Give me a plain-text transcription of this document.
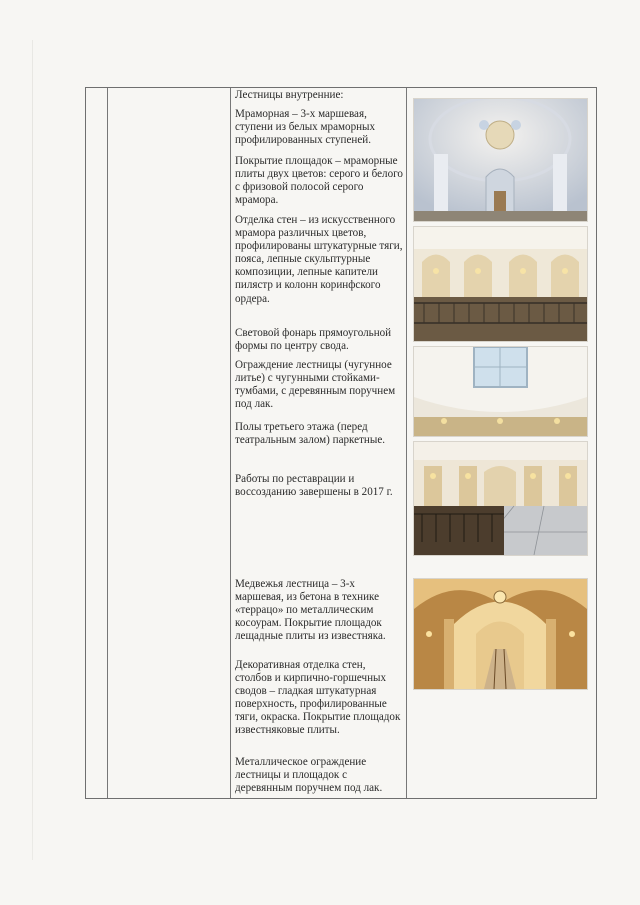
Лестницы внутренние:

Мраморная – 3-х маршевая, ступени из белых мраморных профилированных ступеней.

Покрытие площадок – мраморные плиты двух цветов: серого и белого с фризовой полосой серого мрамора.

Отделка стен – из искусственного мрамора различных цветов, профилированы штукатурные тяги, пояса, лепные скульптурные композиции, лепные капители пилястр и колонн коринфского ордера.

Световой фонарь прямоугольной формы по центру свода.

Ограждение лестницы (чугунное литье) с чугунными стойками-тумбами, с деревянным поручнем под лак.

Полы третьего этажа (перед театральным залом) паркетные.

Работы по реставрации и воссозданию завершены в 2017 г.

Медвежья лестница – 3-х маршевая, из бетона в технике «террацо» по металлическим косоурам. Покрытие площадок лещадные плиты из известняка.

Декоративная отделка стен, столбов и кирпично-горшечных сводов – гладкая штукатурная поверхность, профилированные тяги, окраска. Покрытие площадок известняковые плиты.

Металлическое ограждение лестницы и площадок с деревянным поручнем под лак.
